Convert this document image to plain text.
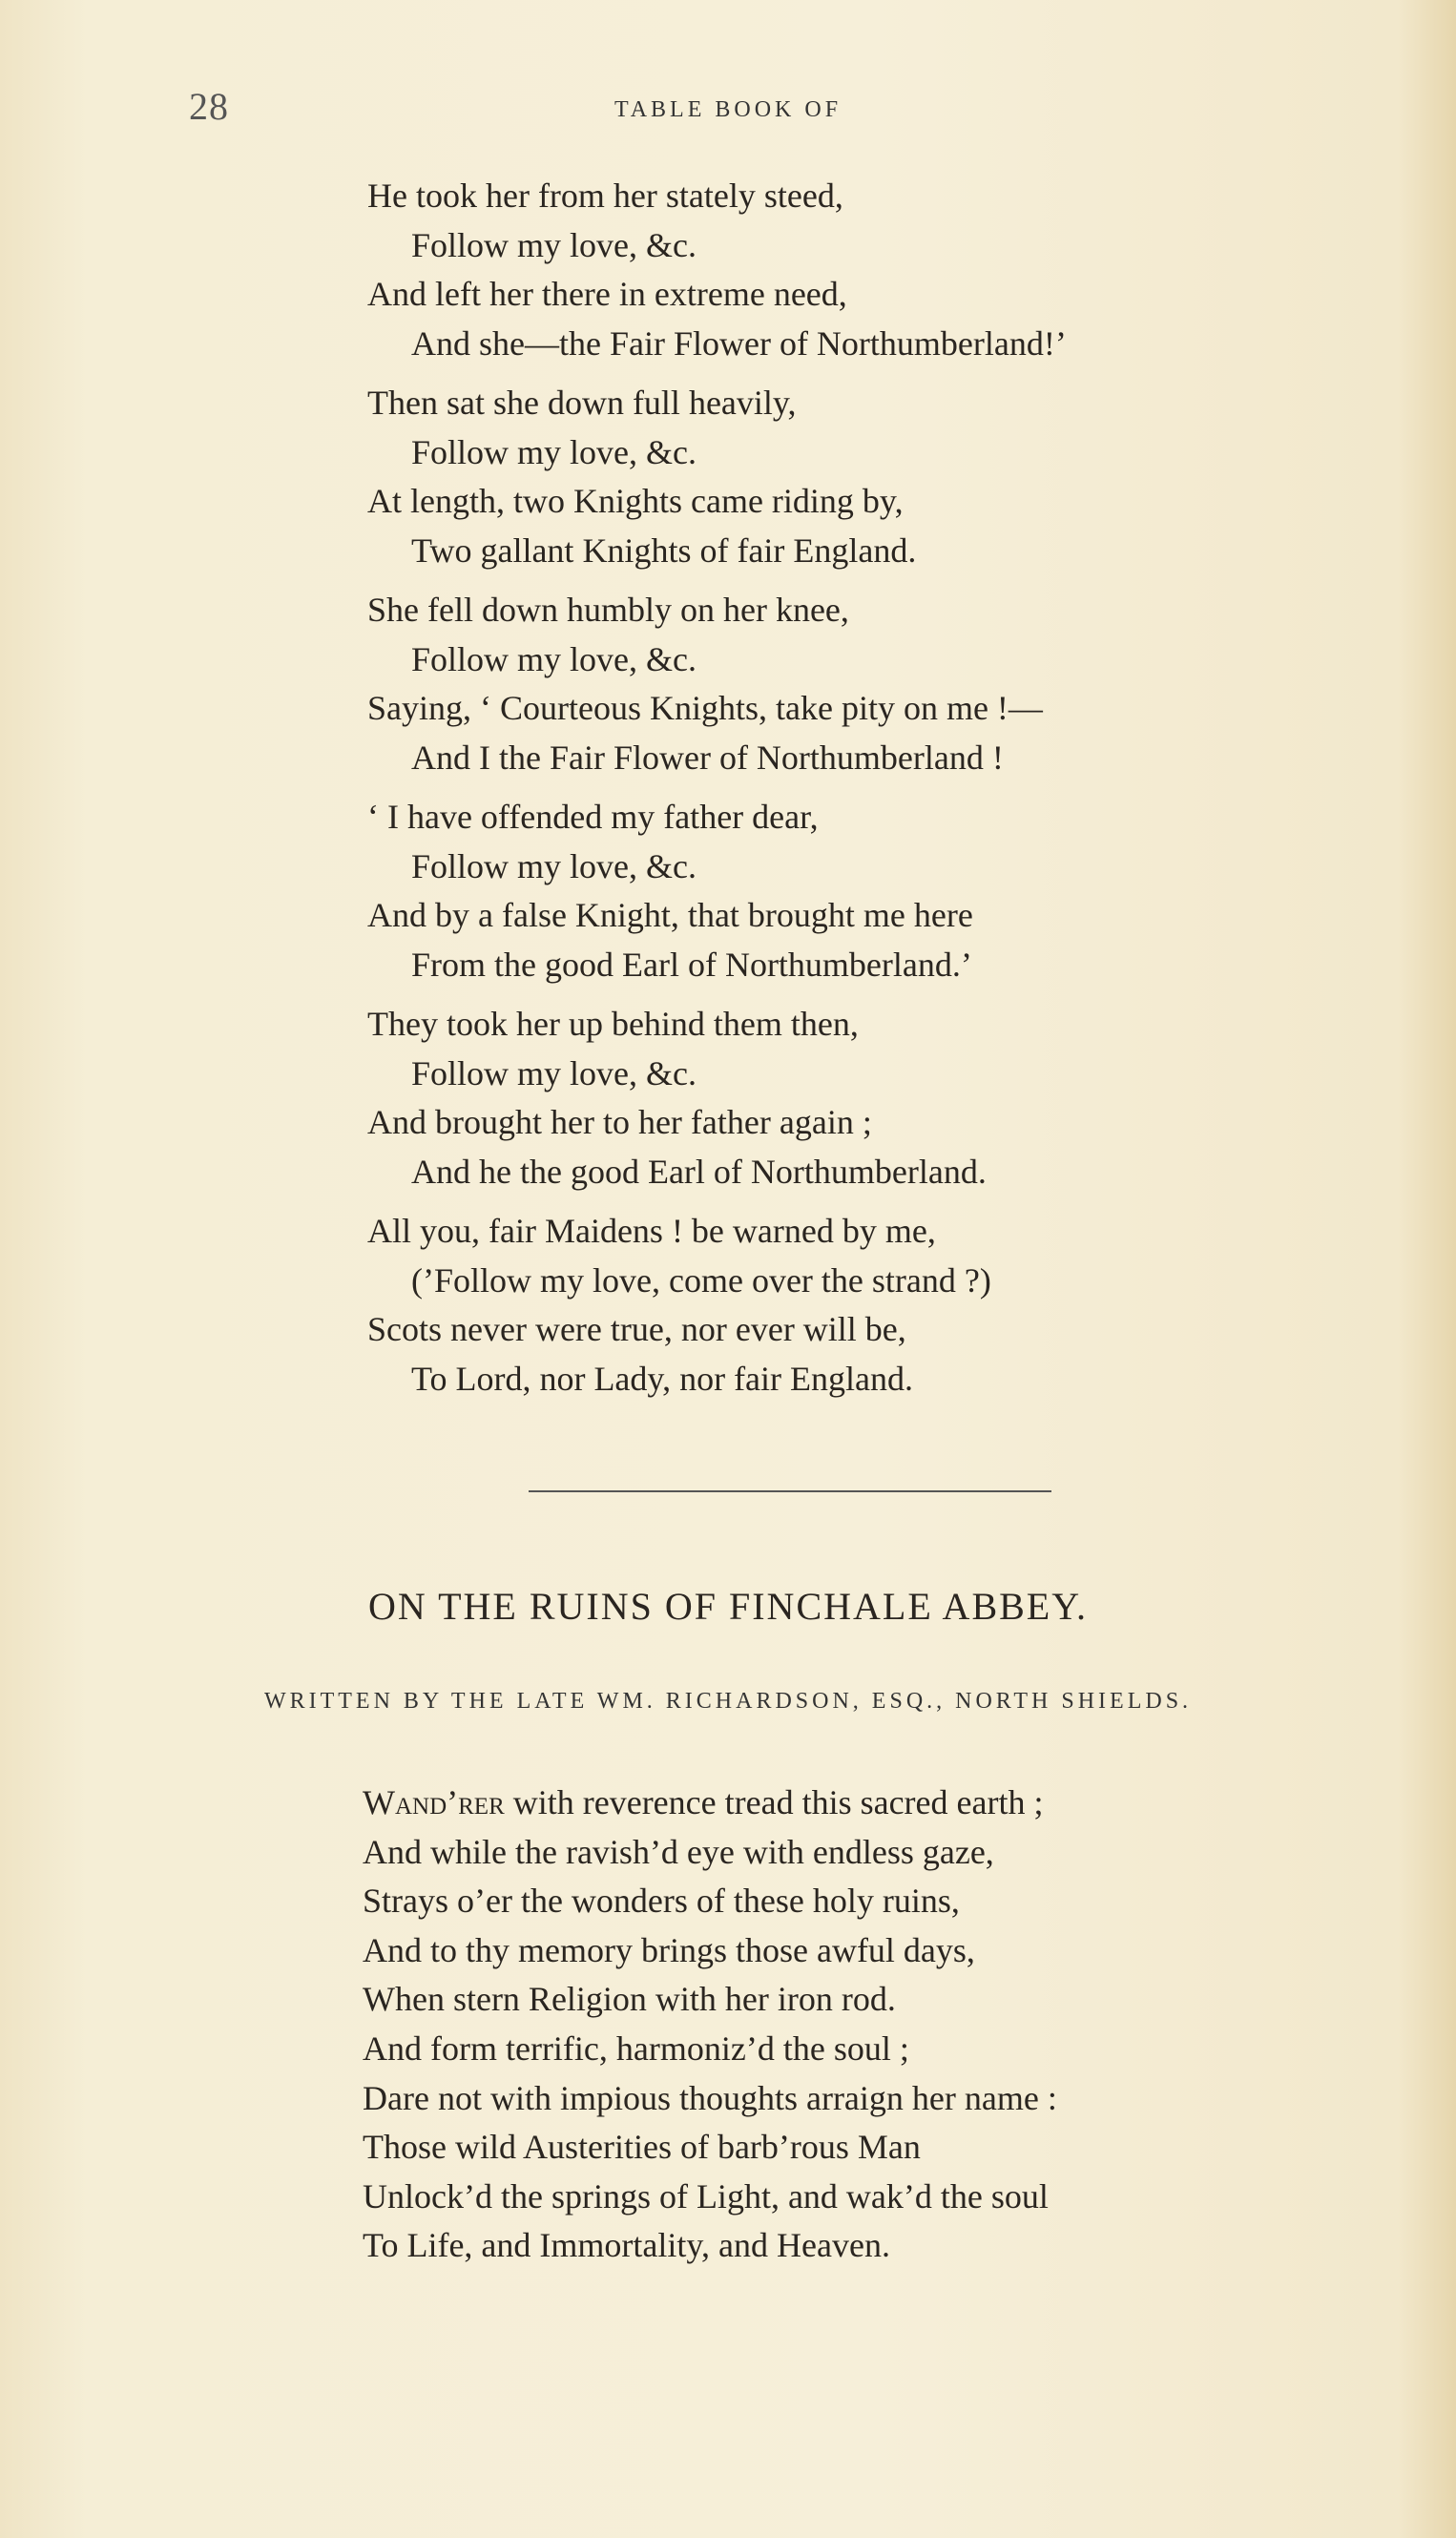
28	TABLE BOOK OF
He took her from her stately steed,
Follow my love, &c.
And left her there in extreme need,
And she—the Fair Flower of Northumberland!’
Then sat she down full heavily,
Follow my love, &c.
At length, two Knights came riding by,
Two gallant Knights of fair England.
She fell down humbly on her knee,
Follow my love, &c.
Saying, ‘ Courteous Knights, take pity on me !—
And I the Fair Flower of Northumberland !
‘ I have offended my father dear,
Follow my love, &c.
And by a false Knight, that brought me here
From the good Earl of Northumberland.’
They took her up behind them then,
Follow my love, &c.
And brought her to her father again ;
And he the good Earl of Northumberland.
All you, fair Maidens ! be warned by me,
(’Follow my love, come over the strand ?)
Scots never were true, nor ever will be,
To Lord, nor Lady, nor fair England.
ON THE RUINS OF FINCHALE ABBEY.
WRITTEN BY THE LATE WM. RICHARDSON, ESQ., NORTH SHIELDS.
Wand’rer with reverence tread this sacred earth ;
And while the ravish’d eye with endless gaze,
Strays o’er the wonders of these holy ruins,
And to thy memory brings those awful days,
When stern Religion with her iron rod.
And form terrific, harmoniz’d the soul ;
Dare not with impious thoughts arraign her name :
Those wild Austerities of barb’rous Man
Unlock’d the springs of Light, and wak’d the soul
To Life, and Immortality, and Heaven.
